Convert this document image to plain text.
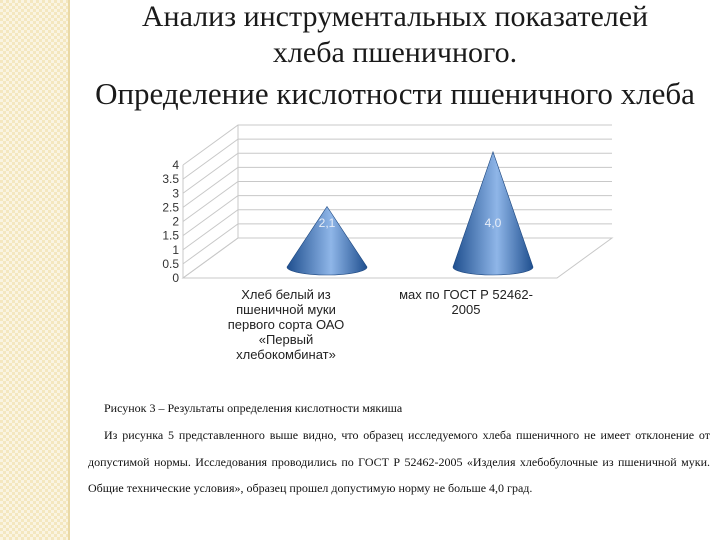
Анализ инструментальных показателей
хлеба пшеничного.
Определение кислотности пшеничного хлеба
0
0.5
1
1.5
2
2.5
3
3.5
4
2,1	4,0
Хлеб белый из
пшеничной муки
первого сорта ОАО
«Первый
хлебокомбинат»
мах по ГОСТ Р 52462-
2005
Рисунок 3 – Результаты определения кислотности мякиша
Из рисунка 5 представленного выше видно, что образец исследуемого хлеба пшеничного не имеет отклонение от допустимой нормы. Исследования проводились по ГОСТ Р 52462-2005 «Изделия хлебобулочные из пшеничной муки. Общие технические условия», образец прошел допустимую норму не больше 4,0 град.
